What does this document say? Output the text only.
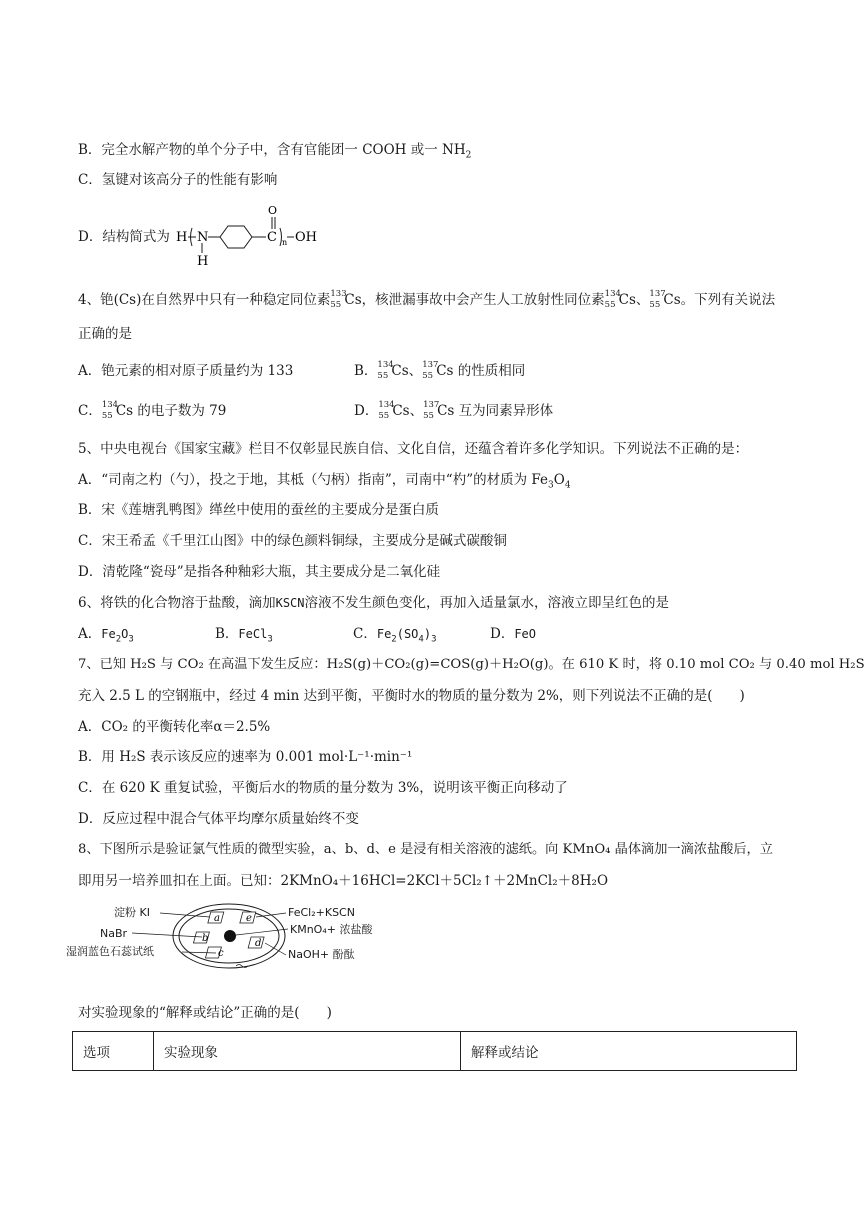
B．完全水解产物的单个分子中，含有官能团一 COOH 或一 $NH_2$
C．氢键对该高分子的性能有影响
D．结构简式为 H N
H
C
O
n OH
4、铯(Cs)在自然界中只有一种稳定同位素 133
55 Cs，核泄漏事故中会产生人工放射性同位素 134
55 Cs、 137
55 Cs。下列有关说法
正确的是
A．铯元素的相对原子质量约为 133	B． 134
55 Cs、 137
55 Cs 的性质相同
C． 134
55 Cs 的电子数为 79	D． 134
55 Cs、 137
55 Cs 互为同素异形体
5、中央电视台《国家宝藏》栏目不仅彰显民族自信、文化自信，还蕴含着许多化学知识。下列说法不正确的是：
A．“司南之杓（勺），投之于地，其柢（勺柄）指南”，司南中“杓”的材质为 $Fe_3O_4$
B．宋《莲塘乳鸭图》缂丝中使用的蚕丝的主要成分是蛋白质
C．宋王希孟《千里江山图》中的绿色颜料铜绿，主要成分是碱式碳酸铜
D．清乾隆“瓷母”是指各种釉彩大瓶，其主要成分是二氧化硅
6、将铁的化合物溶于盐酸，滴加KSCN溶液不发生颜色变化，再加入适量氯水，溶液立即呈红色的是
A．$Fe_2O_3$	B．FeCl$_3$	C．$Fe_2(SO_4)_3$	D．FeO
7、已知 H₂S 与 CO₂ 在高温下发生反应：H₂S(g)＋CO₂(g)=COS(g)＋H₂O(g)。在 610 K 时，将 0.10 mol CO₂ 与 0.40 mol H₂S
充入 2.5 L 的空钢瓶中，经过 4 min 达到平衡，平衡时水的物质的量分数为 2%，则下列说法不正确的是(　　)
A．CO₂ 的平衡转化率α＝2.5%
B．用 H₂S 表示该反应的速率为 0.001 mol·L⁻¹·min⁻¹
C．在 620 K 重复试验，平衡后水的物质的量分数为 3%，说明该平衡正向移动了
D．反应过程中混合气体平均摩尔质量始终不变
8、下图所示是验证氯气性质的微型实验，a、b、d、e 是浸有相关溶液的滤纸。向 KMnO₄ 晶体滴加一滴浓盐酸后，立
即用另一培养皿扣在上面。已知：2KMnO₄＋16HCl=2KCl＋5Cl₂↑＋2MnCl₂＋8H₂O
a
b
c
e
d
淀粉 KI
NaBr
湿润蓝色石蕊试纸
FeCl₂+KSCN
KMnO₄+ 浓盐酸
NaOH+ 酚酞
对实验现象的“解释或结论”正确的是(　　)
选项	实验现象	解释或结论
